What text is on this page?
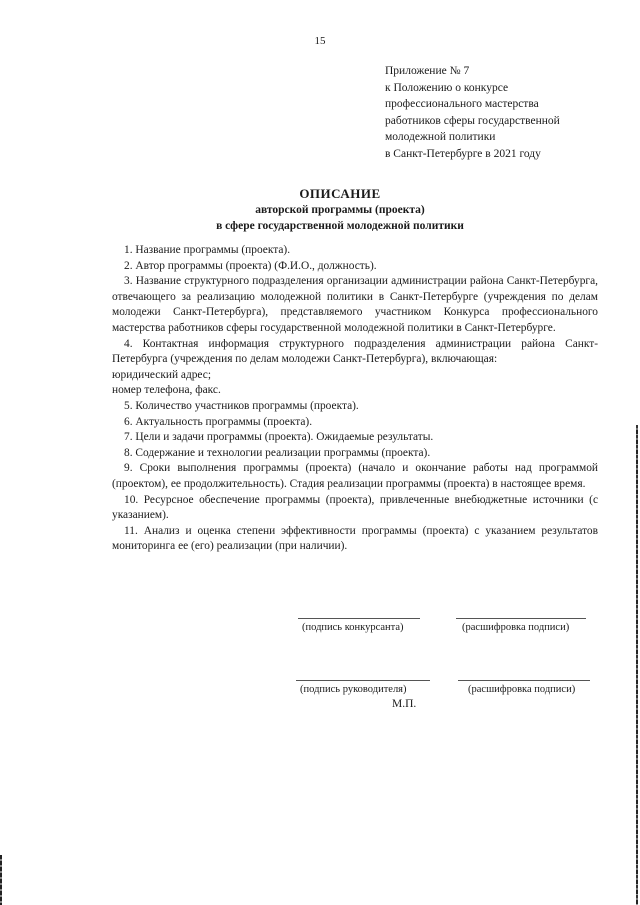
15
Приложение № 7
к Положению о конкурсе
профессионального мастерства
работников сферы государственной
молодежной политики
в Санкт-Петербурге в 2021 году
ОПИСАНИЕ
авторской программы (проекта)
в сфере государственной молодежной политики

1. Название программы (проекта).

2. Автор программы (проекта) (Ф.И.О., должность).

3. Название структурного подразделения организации администрации района Санкт-Петербурга, отвечающего за реализацию молодежной политики в Санкт-Петербурге (учреждения по делам молодежи Санкт-Петербурга), представляемого участником Конкурса профессионального мастерства работников сферы государственной молодежной политики в Санкт-Петербурге.

4. Контактная информация структурного подразделения администрации района Санкт-Петербурга (учреждения по делам молодежи Санкт-Петербурга), включающая:

юридический адрес;

номер телефона, факс.

5. Количество участников программы (проекта).

6. Актуальность программы (проекта).

7. Цели и задачи программы (проекта). Ожидаемые результаты.

8. Содержание и технологии реализации программы (проекта).

9. Сроки выполнения программы (проекта) (начало и окончание работы над программой (проектом), ее продолжительность). Стадия реализации программы (проекта) в настоящее время.

10. Ресурсное обеспечение программы (проекта), привлеченные внебюджетные источники (с указанием).

11. Анализ и оценка степени эффективности программы (проекта) с указанием результатов мониторинга ее (его) реализации (при наличии).

(подпись конкурсанта)	(расшифровка подписи)
(подпись руководителя)	(расшифровка подписи)
М.П.
